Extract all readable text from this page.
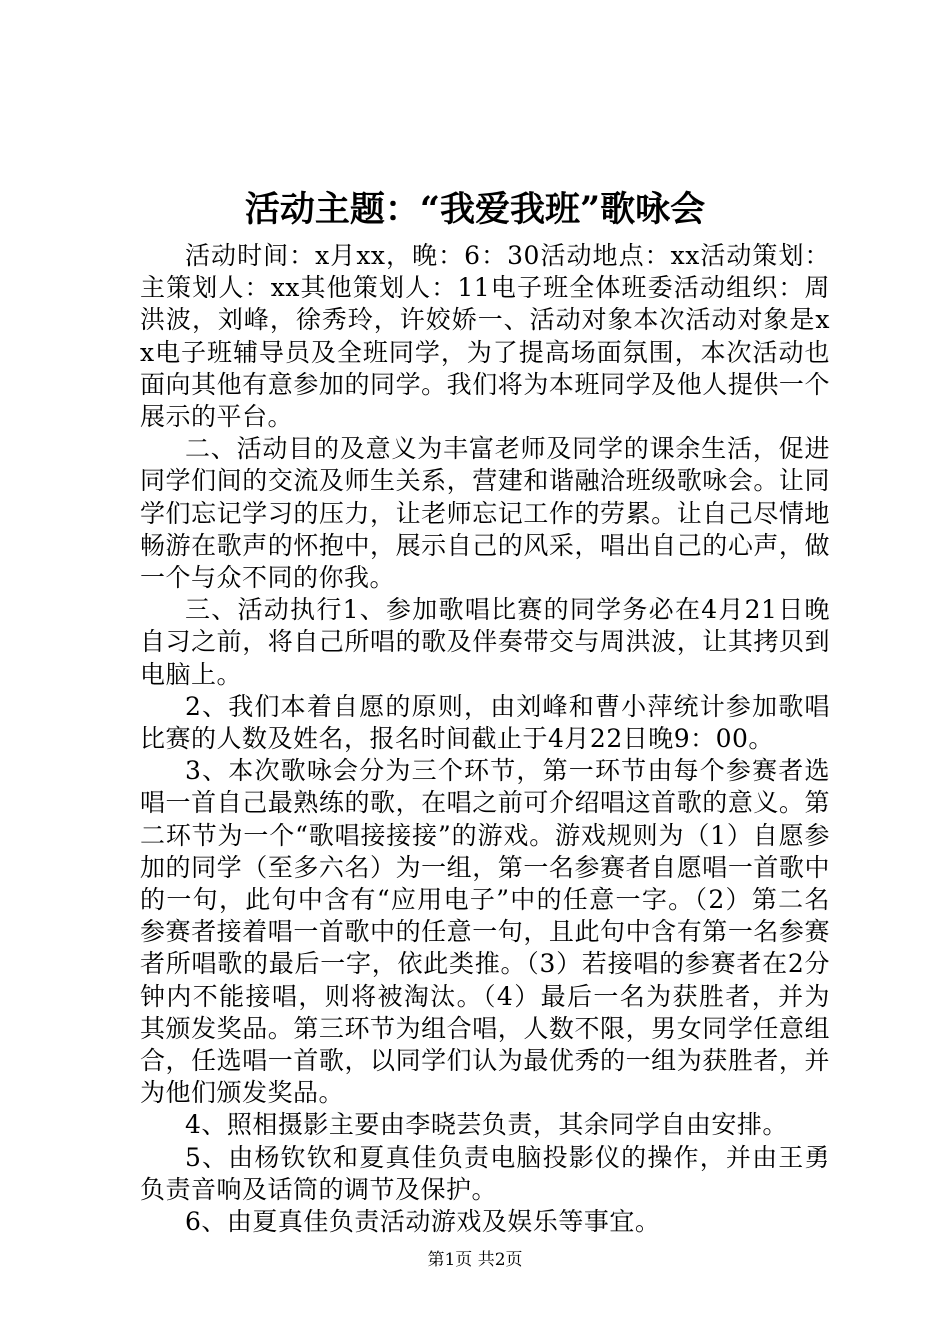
活动主题：“我爱我班”歌咏会

活动时间：x月xx，晚：6：30活动地点：xx活动策划：主策划人：xx其他策划人：11电子班全体班委活动组织：周洪波，刘峰，徐秀玲，许姣娇一、活动对象本次活动对象是xx电子班辅导员及全班同学，为了提高场面氛围，本次活动也面向其他有意参加的同学。我们将为本班同学及他人提供一个展示的平台。

二、活动目的及意义为丰富老师及同学的课余生活，促进同学们间的交流及师生关系，营建和谐融洽班级歌咏会。让同学们忘记学习的压力，让老师忘记工作的劳累。让自己尽情地畅游在歌声的怀抱中，展示自己的风采，唱出自己的心声，做一个与众不同的你我。

三、活动执行1、参加歌唱比赛的同学务必在4月21日晚自习之前，将自己所唱的歌及伴奏带交与周洪波，让其拷贝到电脑上。

2、我们本着自愿的原则，由刘峰和曹小萍统计参加歌唱比赛的人数及姓名，报名时间截止于4月22日晚9：00。

3、本次歌咏会分为三个环节，第一环节由每个参赛者选唱一首自己最熟练的歌，在唱之前可介绍唱这首歌的意义。第二环节为一个“歌唱接接接”的游戏。游戏规则为（1）自愿参加的同学（至多六名）为一组，第一名参赛者自愿唱一首歌中的一句，此句中含有“应用电子”中的任意一字。（2）第二名参赛者接着唱一首歌中的任意一句，且此句中含有第一名参赛者所唱歌的最后一字，依此类推。（3）若接唱的参赛者在2分钟内不能接唱，则将被淘汰。（4）最后一名为获胜者，并为其颁发奖品。第三环节为组合唱，人数不限，男女同学任意组合，任选唱一首歌，以同学们认为最优秀的一组为获胜者，并为他们颁发奖品。

4、照相摄影主要由李晓芸负责，其余同学自由安排。

5、由杨钦钦和夏真佳负责电脑投影仪的操作，并由王勇负责音响及话筒的调节及保护。

6、由夏真佳负责活动游戏及娱乐等事宜。

第1页 共2页
